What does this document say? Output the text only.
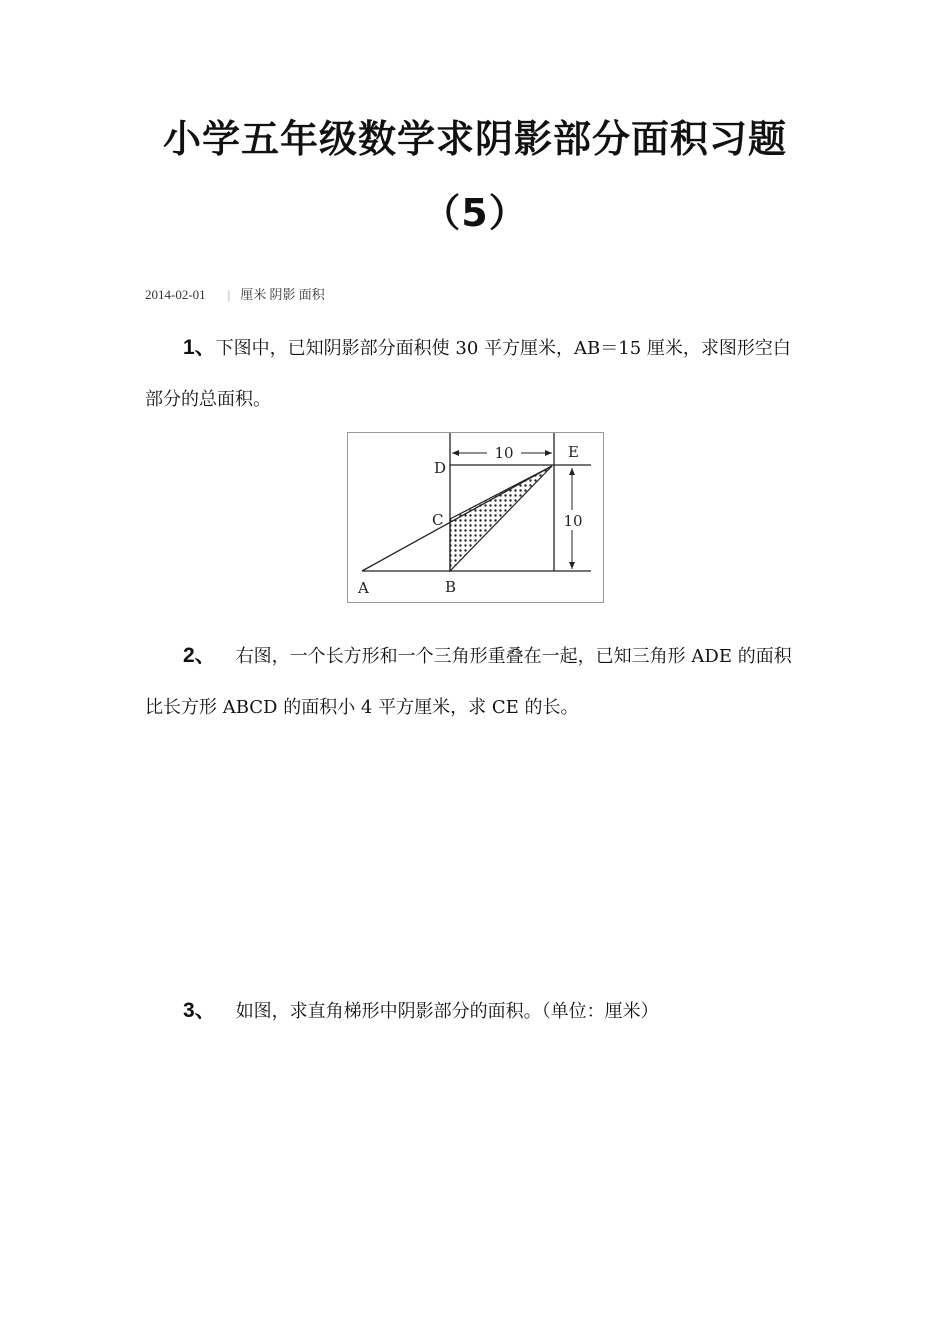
小学五年级数学求阴影部分面积习题
（5）
2014-02-01 | 厘米 阴影 面积
1、下图中，已知阴影部分面积使 30 平方厘米，AB＝15 厘米，求图形空白
部分的总面积。
10
10
D
C
E
A	B
2、 右图，一个长方形和一个三角形重叠在一起，已知三角形 ADE 的面积
比长方形 ABCD 的面积小 4 平方厘米，求 CE 的长。
3、 如图，求直角梯形中阴影部分的面积。（单位：厘米）
